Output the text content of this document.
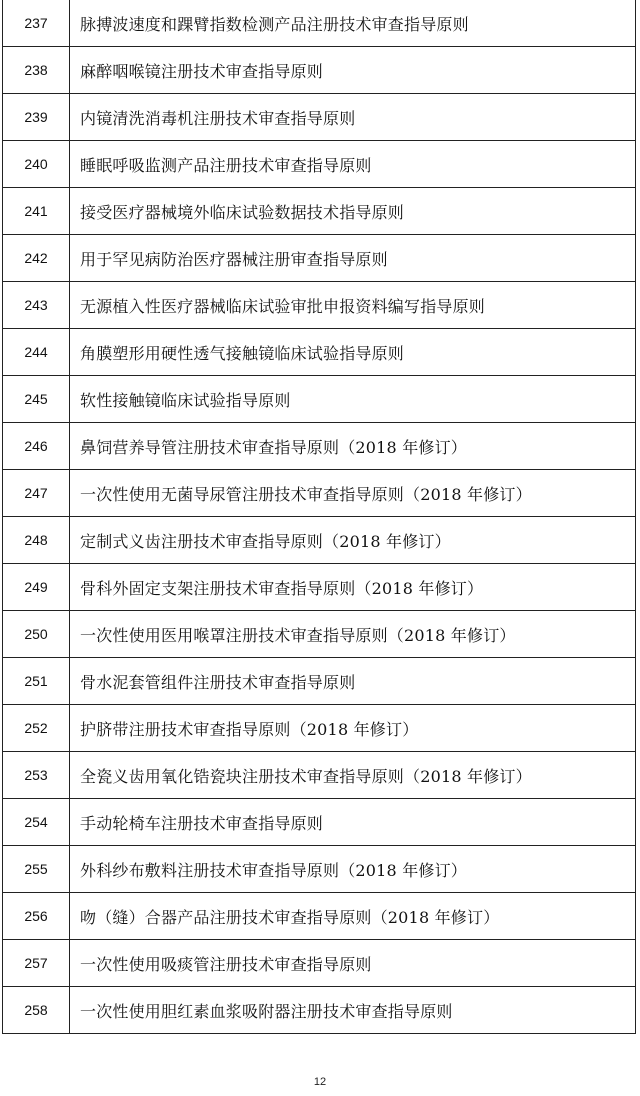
237	脉搏波速度和踝臂指数检测产品注册技术审查指导原则
238	麻醉咽喉镜注册技术审查指导原则
239	内镜清洗消毒机注册技术审查指导原则
240	睡眠呼吸监测产品注册技术审查指导原则
241	接受医疗器械境外临床试验数据技术指导原则
242	用于罕见病防治医疗器械注册审查指导原则
243	无源植入性医疗器械临床试验审批申报资料编写指导原则
244	角膜塑形用硬性透气接触镜临床试验指导原则
245	软性接触镜临床试验指导原则
246	鼻饲营养导管注册技术审查指导原则（2018 年修订）
247	一次性使用无菌导尿管注册技术审查指导原则（2018 年修订）
248	定制式义齿注册技术审查指导原则（2018 年修订）
249	骨科外固定支架注册技术审查指导原则（2018 年修订）
250	一次性使用医用喉罩注册技术审查指导原则（2018 年修订）
251	骨水泥套管组件注册技术审查指导原则
252	护脐带注册技术审查指导原则（2018 年修订）
253	全瓷义齿用氧化锆瓷块注册技术审查指导原则（2018 年修订）
254	手动轮椅车注册技术审查指导原则
255	外科纱布敷料注册技术审查指导原则（2018 年修订）
256	吻（缝）合器产品注册技术审查指导原则（2018 年修订）
257	一次性使用吸痰管注册技术审查指导原则
258	一次性使用胆红素血浆吸附器注册技术审查指导原则
12
